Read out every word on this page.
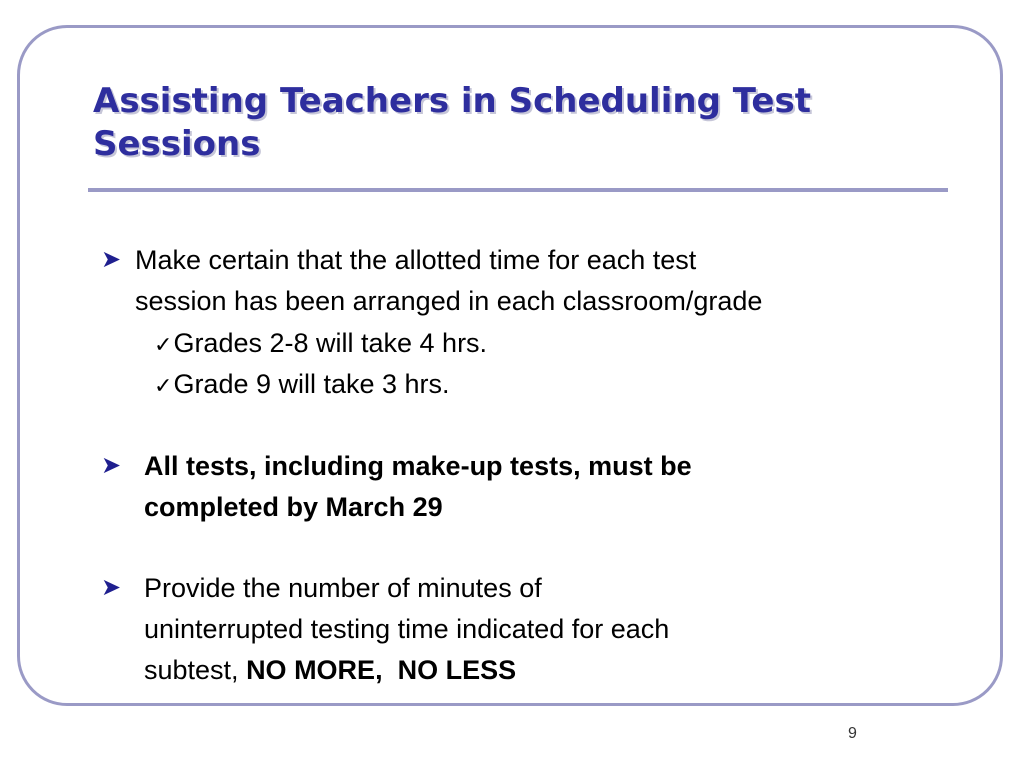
Assisting Teachers in Scheduling Test Sessions
➤ Make certain that the allotted time for each test
session has been arranged in each classroom/grade
✓Grades 2-8 will take 4 hrs.
✓Grade 9 will take 3 hrs.
➤ All tests, including make-up tests, must be
completed by March 29
➤ Provide the number of minutes of
uninterrupted testing time indicated for each
subtest, NO MORE,  NO LESS
9
